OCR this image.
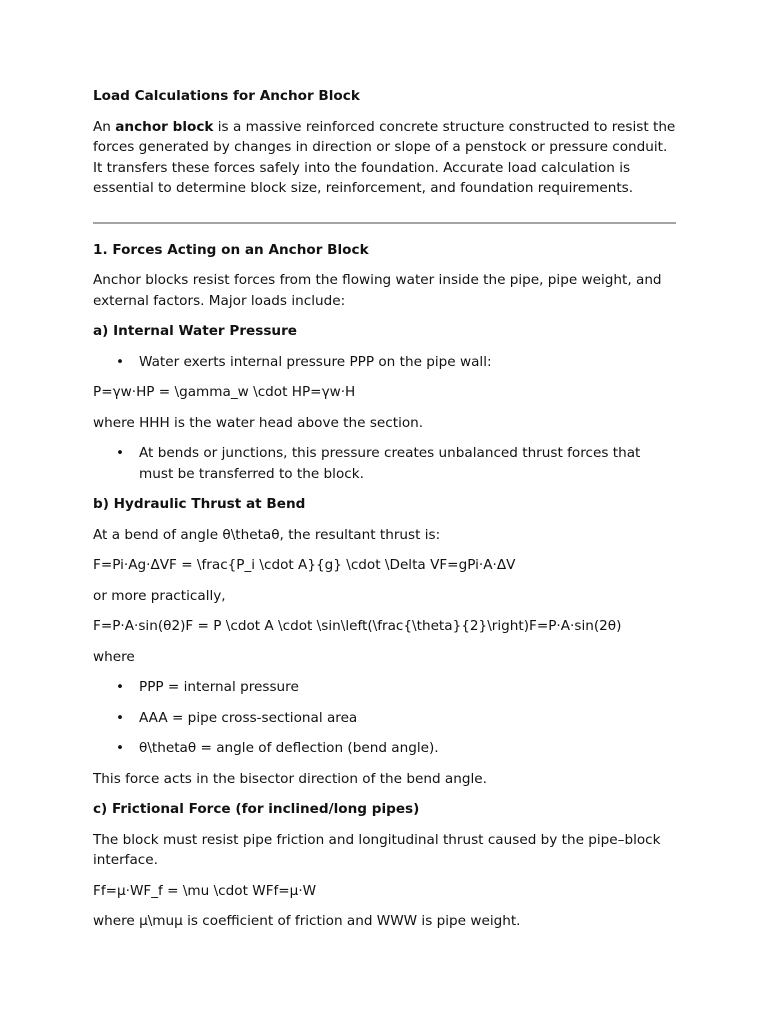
Load Calculations for Anchor Block

An anchor block is a massive reinforced concrete structure constructed to resist the forces generated by changes in direction or slope of a penstock or pressure conduit. It transfers these forces safely into the foundation. Accurate load calculation is essential to determine block size, reinforcement, and foundation requirements.

1. Forces Acting on an Anchor Block

Anchor blocks resist forces from the flowing water inside the pipe, pipe weight, and external factors. Major loads include:

a) Internal Water Pressure

• Water exerts internal pressure PPP on the pipe wall:

P=γw·HP = \gamma_w \cdot HP=γw·H

where HHH is the water head above the section.

• At bends or junctions, this pressure creates unbalanced thrust forces that must be transferred to the block.

b) Hydraulic Thrust at Bend

At a bend of angle θ\thetaθ, the resultant thrust is:

F=Pi·Ag·ΔVF = \frac{P_i \cdot A}{g} \cdot \Delta VF=gPi·A·ΔV

or more practically,

F=P·A·sin⁡(θ2)F = P \cdot A \cdot \sin\left(\frac{\theta}{2}\right)F=P·A·sin(2θ)

where

• PPP = internal pressure
• AAA = pipe cross-sectional area
• θ\thetaθ = angle of deflection (bend angle).

This force acts in the bisector direction of the bend angle.

c) Frictional Force (for inclined/long pipes)

The block must resist pipe friction and longitudinal thrust caused by the pipe–block interface.

Ff=μ·WF_f = \mu \cdot WFf=μ·W

where μ\muμ is coefficient of friction and WWW is pipe weight.
